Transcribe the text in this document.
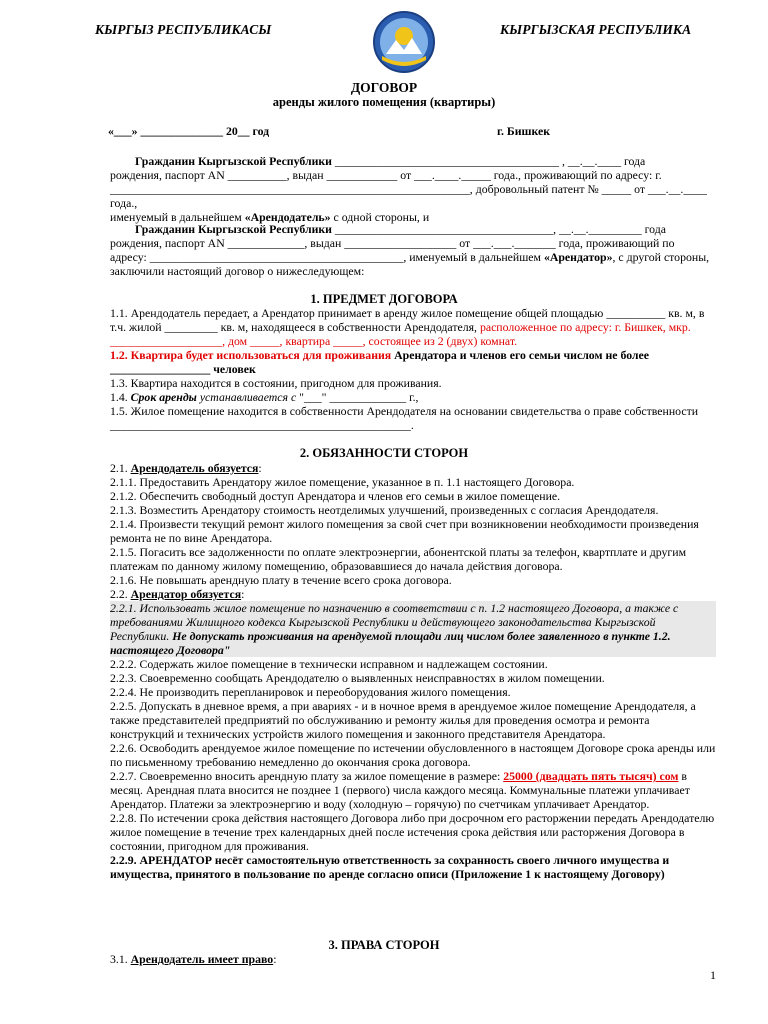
КЫРГЫЗ РЕСПУБЛИКАСЫ	КЫРГЫЗСКАЯ РЕСПУБЛИКА
ДОГОВОР
аренды жилого помещения (квартиры)
«___» ______________ 20__ год	г. Бишкек
Гражданин Кыргызской Республики ______________________________________ , __.__.____ года
рождения, паспорт AN __________, выдан ____________ от ___.____._____ года., проживающий по адресу: г.
_____________________________________________________________, добровольный патент № _____ от ___.__.____ года.,
именуемый в дальнейшем «Арендодатель» с одной стороны, и
Гражданин Кыргызской Республики _____________________________________, __.__._________ года
рождения, паспорт AN _____________, выдан ___________________ от ___.___._______ года, проживающий по
адресу: ___________________________________________, именуемый в дальнейшем «Арендатор», с другой стороны,
заключили настоящий договор о нижеследующем:
1. ПРЕДМЕТ ДОГОВОРА
1.1. Арендодатель передает, а Арендатор принимает в аренду жилое помещение общей площадью __________ кв. м, в т.ч. жилой _________ кв. м, находящееся в собственности Арендодателя, расположенное по адресу: г. Бишкек, мкр. ___________________, дом _____, квартира _____, состоящее из 2 (двух) комнат.
1.2. Квартира будет использоваться для проживания Арендатора и членов его семьи числом не более _________________ человек
1.3. Квартира находится в состоянии, пригодном для проживания.
1.4. Срок аренды устанавливается с "___" _____________ г.,
1.5. Жилое помещение находится в собственности Арендодателя на основании свидетельства о праве собственности ___________________________________________________.
2. ОБЯЗАННОСТИ СТОРОН
2.1. Арендодатель обязуется:
2.1.1. Предоставить Арендатору жилое помещение, указанное в п. 1.1 настоящего Договора.
2.1.2. Обеспечить свободный доступ Арендатора и членов его семьи в жилое помещение.
2.1.3. Возместить Арендатору стоимость неотделимых улучшений, произведенных с согласия Арендодателя.
2.1.4. Произвести текущий ремонт жилого помещения за свой счет при возникновении необходимости произведения ремонта не по вине Арендатора.
2.1.5. Погасить все задолженности по оплате электроэнергии, абонентской платы за телефон, квартплате и другим платежам по данному жилому помещению, образовавшиеся до начала действия договора.
2.1.6. Не повышать арендную плату в течение всего срока договора.
2.2. Арендатор обязуется:
2.2.1. Использовать жилое помещение по назначению в соответствии с п. 1.2 настоящего Договора, а также с требованиями Жилищного кодекса Кыргызской Республики и действующего законодательства Кыргызской Республики. Не допускать проживания на арендуемой площади лиц числом более заявленного в пункте 1.2. настоящего Договора"
2.2.2. Содержать жилое помещение в технически исправном и надлежащем состоянии.
2.2.3. Своевременно сообщать Арендодателю о выявленных неисправностях в жилом помещении.
2.2.4. Не производить перепланировок и переоборудования жилого помещения.
2.2.5. Допускать в дневное время, а при авариях - и в ночное время в арендуемое жилое помещение Арендодателя, а также представителей предприятий по обслуживанию и ремонту жилья для проведения осмотра и ремонта конструкций и технических устройств жилого помещения и законного представителя Арендатора.
2.2.6. Освободить арендуемое жилое помещение по истечении обусловленного в настоящем Договоре срока аренды или по письменному требованию немедленно до окончания срока договора.
2.2.7. Своевременно вносить арендную плату за жилое помещение в размере: 25000 (двадцать пять тысяч) сом в месяц. Арендная плата вносится не позднее 1 (первого) числа каждого месяца. Коммунальные платежи уплачивает Арендатор. Платежи за электроэнергию и воду (холодную – горячую) по счетчикам уплачивает Арендатор.
2.2.8. По истечении срока действия настоящего Договора либо при досрочном его расторжении передать Арендодателю жилое помещение в течение трех календарных дней после истечения срока действия или расторжения Договора в состоянии, пригодном для проживания.
2.2.9. АРЕНДАТОР несёт самостоятельную ответственность за сохранность своего личного имущества и имущества, принятого в пользование по аренде согласно описи (Приложение 1 к настоящему Договору)
3. ПРАВА СТОРОН
3.1. Арендодатель имеет право:
1
